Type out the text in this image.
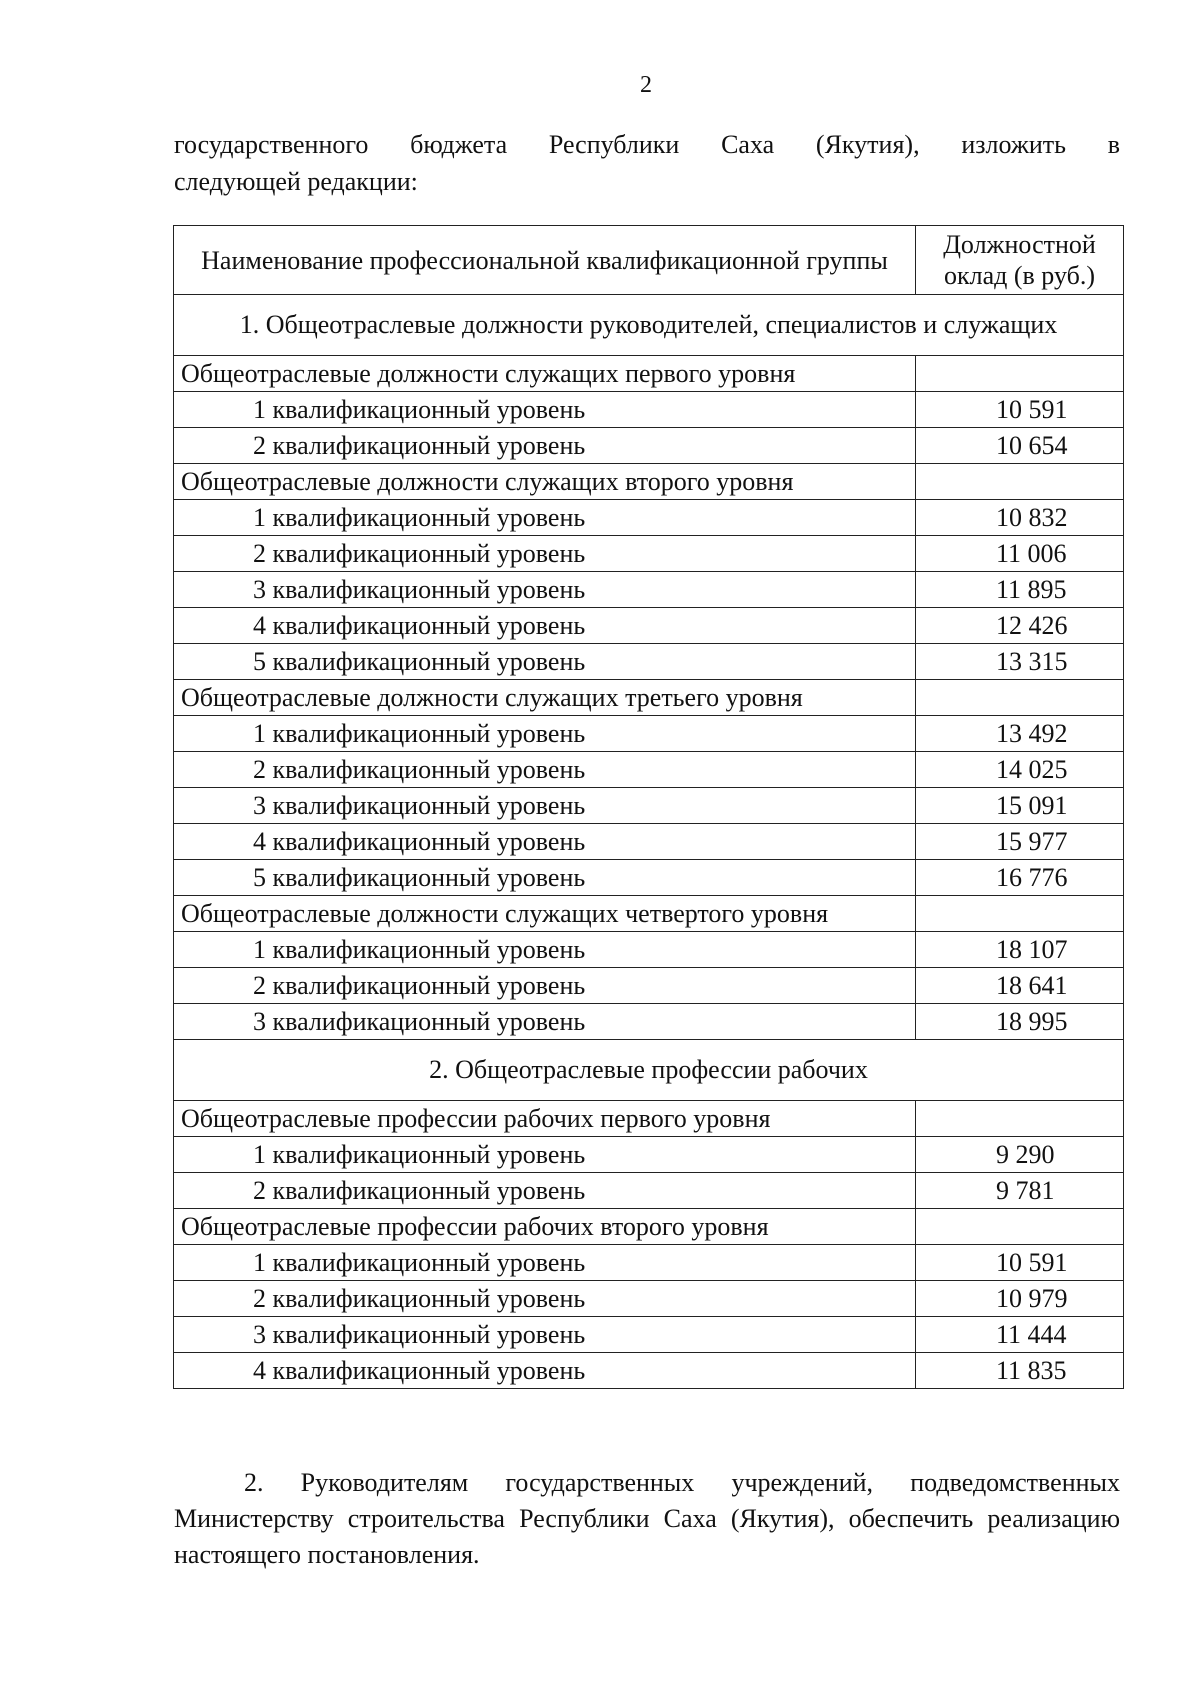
2
государственного бюджета Республики Саха (Якутия), изложить в
следующей редакции:
Наименование профессиональной квалификационной группы	Должностной оклад (в руб.)
1. Общеотраслевые должности руководителей, специалистов и служащих	
Общеотраслевые должности служащих первого уровня	
1 квалификационный уровень	10 591
2 квалификационный уровень	10 654
Общеотраслевые должности служащих второго уровня	
1 квалификационный уровень	10 832
2 квалификационный уровень	11 006
3 квалификационный уровень	11 895
4 квалификационный уровень	12 426
5 квалификационный уровень	13 315
Общеотраслевые должности служащих третьего уровня	
1 квалификационный уровень	13 492
2 квалификационный уровень	14 025
3 квалификационный уровень	15 091
4 квалификационный уровень	15 977
5 квалификационный уровень	16 776
Общеотраслевые должности служащих четвертого уровня	
1 квалификационный уровень	18 107
2 квалификационный уровень	18 641
3 квалификационный уровень	18 995
2. Общеотраслевые профессии рабочих	
Общеотраслевые профессии рабочих первого уровня	
1 квалификационный уровень	9 290
2 квалификационный уровень	9 781
Общеотраслевые профессии рабочих второго уровня	
1 квалификационный уровень	10 591
2 квалификационный уровень	10 979
3 квалификационный уровень	11 444
4 квалификационный уровень	11 835
2. Руководителям государственных учреждений, подведомственных Министерству строительства Республики Саха (Якутия), обеспечить реализацию настоящего постановления.
